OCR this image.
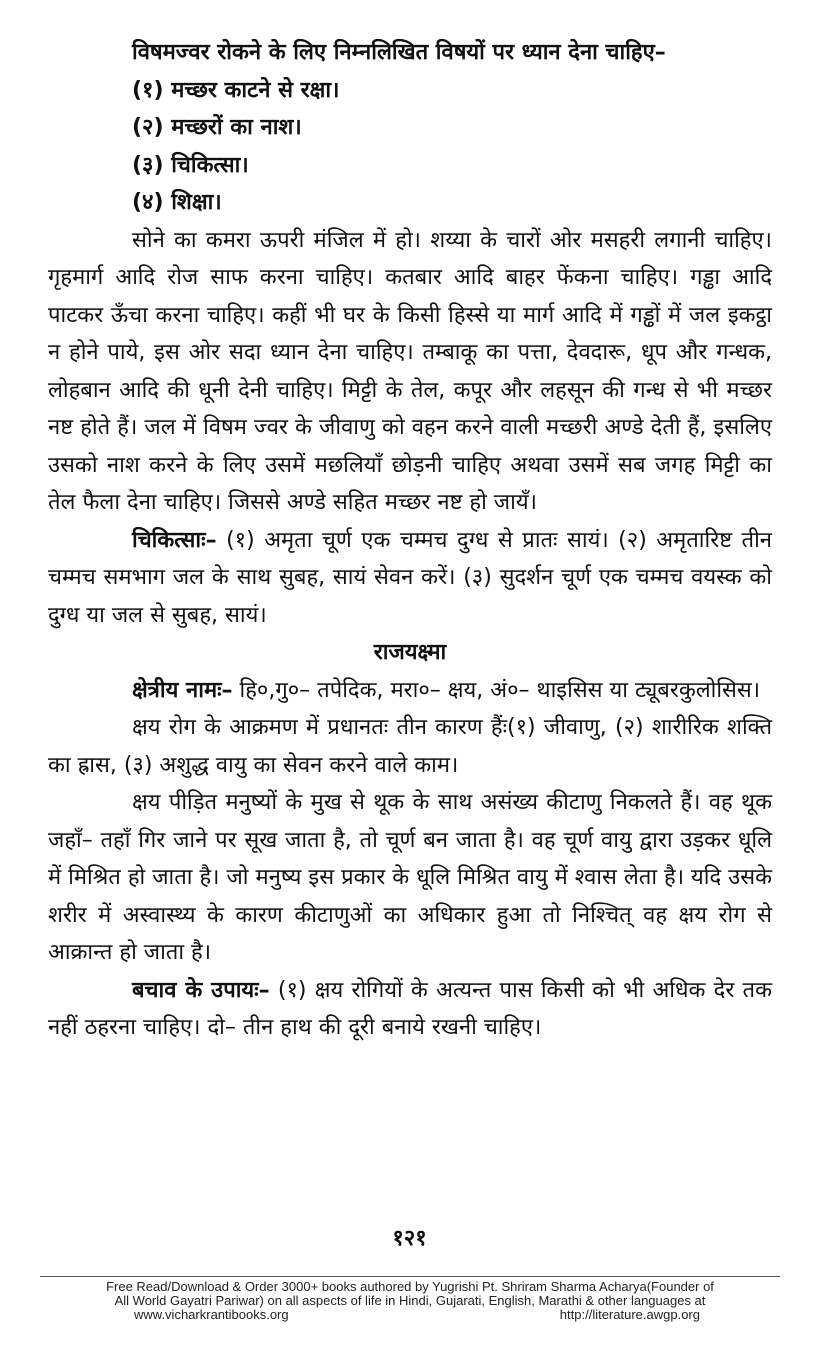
विषमज्वर रोकने के लिए निम्नलिखित विषयों पर ध्यान देना चाहिए–
(१) मच्छर काटने से रक्षा।
(२) मच्छरों का नाश।
(३) चिकित्सा।
(४) शिक्षा।
सोने का कमरा ऊपरी मंजिल में हो। शय्या के चारों ओर मसहरी लगानी चाहिए। गृहमार्ग आदि रोज साफ करना चाहिए। कतबार आदि बाहर फेंकना चाहिए। गड्ढा आदि पाटकर ऊँचा करना चाहिए। कहीं भी घर के किसी हिस्से या मार्ग आदि में गड्ढों में जल इकट्ठा न होने पाये, इस ओर सदा ध्यान देना चाहिए। तम्बाकू का पत्ता, देवदारू, धूप और गन्धक, लोहबान आदि की धूनी देनी चाहिए। मिट्टी के तेल, कपूर और लहसून की गन्ध से भी मच्छर नष्ट होते हैं। जल में विषम ज्वर के जीवाणु को वहन करने वाली मच्छरी अण्डे देती हैं, इसलिए उसको नाश करने के लिए उसमें मछलियाँ छोड़नी चाहिए अथवा उसमें सब जगह मिट्टी का तेल फैला देना चाहिए। जिससे अण्डे सहित मच्छर नष्ट हो जायँ।
चिकित्साः– (१) अमृता चूर्ण एक चम्मच दुग्ध से प्रातः सायं। (२) अमृतारिष्ट तीन चम्मच समभाग जल के साथ सुबह, सायं सेवन करें। (३) सुदर्शन चूर्ण एक चम्मच वयस्क को दुग्ध या जल से सुबह, सायं।
राजयक्ष्मा
क्षेत्रीय नामः– हि०,गु०– तपेदिक, मरा०– क्षय, अं०– थाइसिस या ट्यूबरकुलोसिस।
क्षय रोग के आक्रमण में प्रधानतः तीन कारण हैंः(१) जीवाणु, (२) शारीरिक शक्ति का ह्रास, (३) अशुद्ध वायु का सेवन करने वाले काम।
क्षय पीड़ित मनुष्यों के मुख से थूक के साथ असंख्य कीटाणु निकलते हैं। वह थूक जहाँ– तहाँ गिर जाने पर सूख जाता है, तो चूर्ण बन जाता है। वह चूर्ण वायु द्वारा उड़कर धूलि में मिश्रित हो जाता है। जो मनुष्य इस प्रकार के धूलि मिश्रित वायु में श्वास लेता है। यदि उसके शरीर में अस्वास्थ्य के कारण कीटाणुओं का अधिकार हुआ तो निश्चित् वह क्षय रोग से आक्रान्त हो जाता है।
बचाव के उपायः– (१) क्षय रोगियों के अत्यन्त पास किसी को भी अधिक देर तक नहीं ठहरना चाहिए। दो– तीन हाथ की दूरी बनाये रखनी चाहिए।
१२१
Free Read/Download & Order 3000+ books authored by Yugrishi Pt. Shriram Sharma Acharya(Founder of
All World Gayatri Pariwar) on all aspects of life in Hindi, Gujarati, English, Marathi & other languages at
www.vicharkrantibooks.org	http://literature.awgp.org
